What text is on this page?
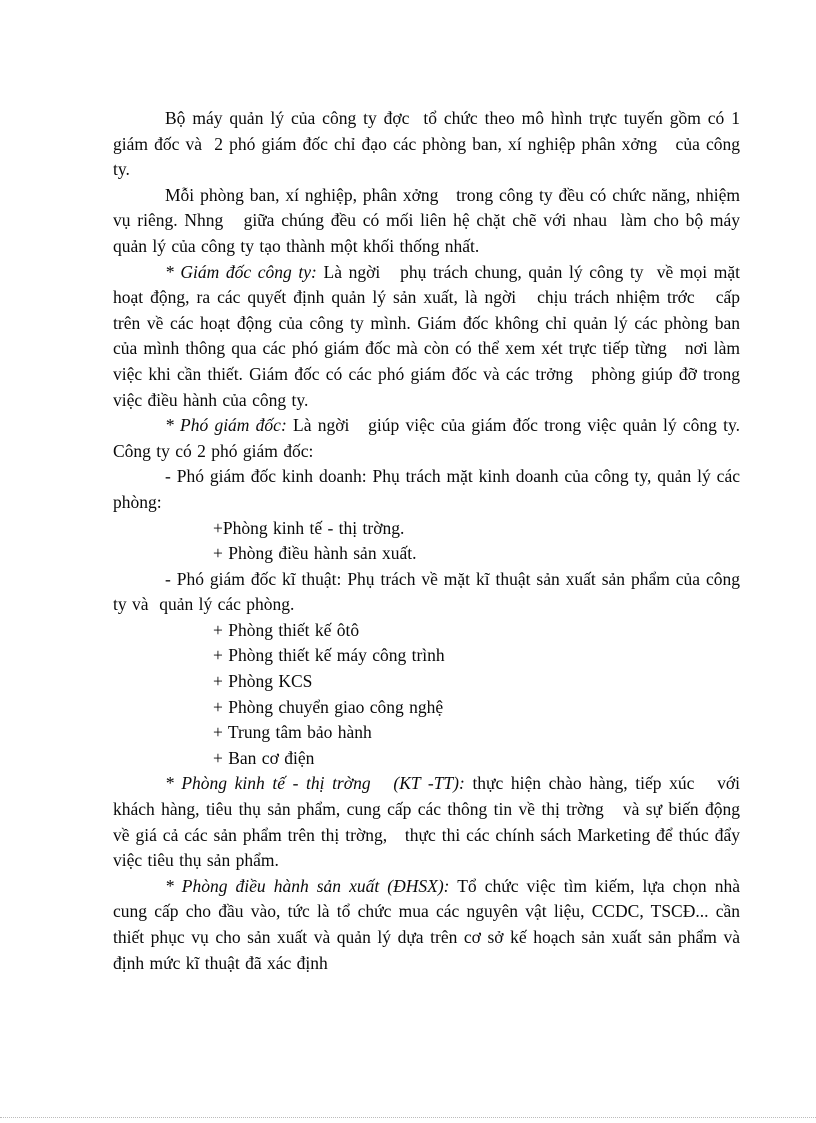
Bộ máy quản lý của công ty đợc  tổ chức theo mô hình trực tuyến gồm có 1 giám đốc và  2 phó giám đốc chỉ đạo các phòng ban, xí nghiệp phân xởng   của công ty.

Mỗi phòng ban, xí nghiệp, phân xởng   trong công ty đều có chức năng, nhiệm vụ riêng. Nhng   giữa chúng đều có mối liên hệ chặt chẽ với nhau  làm cho bộ máy quản lý của công ty tạo thành một khối thống nhất.

* Giám đốc công ty: Là ngời   phụ trách chung, quản lý công ty  về mọi mặt hoạt động, ra các quyết định quản lý sản xuất, là ngời   chịu trách nhiệm trớc   cấp trên về các hoạt động của công ty mình. Giám đốc không chỉ quản lý các phòng ban của mình thông qua các phó giám đốc mà còn có thể xem xét trực tiếp từng   nơi làm việc khi cần thiết. Giám đốc có các phó giám đốc và các trởng   phòng giúp đỡ trong việc điều hành của công ty.

* Phó giám đốc: Là ngời   giúp việc của giám đốc trong việc quản lý công ty. Công ty có 2 phó giám đốc:

- Phó giám đốc kinh doanh: Phụ trách mặt kinh doanh của công ty, quản lý các phòng:

+Phòng kinh tế - thị trờng.

+ Phòng điều hành sản xuất.

- Phó giám đốc kĩ thuật: Phụ trách về mặt kĩ thuật sản xuất sản phẩm của công ty và  quản lý các phòng.

+ Phòng thiết kế ôtô

+ Phòng thiết kế máy công trình

+ Phòng KCS

+ Phòng chuyển giao công nghệ

+ Trung tâm bảo hành

+ Ban cơ điện

* Phòng kinh tế - thị trờng   (KT -TT): thực hiện chào hàng, tiếp xúc   với khách hàng, tiêu thụ sản phẩm, cung cấp các thông tin về thị trờng   và sự biến động về giá cả các sản phẩm trên thị trờng,   thực thi các chính sách Marketing để thúc đẩy   việc tiêu thụ sản phẩm.

* Phòng điều hành sản xuất (ĐHSX): Tổ chức việc tìm kiếm, lựa chọn nhà cung cấp cho đầu vào, tức là tổ chức mua các nguyên vật liệu, CCDC, TSCĐ... cần thiết phục vụ cho sản xuất và quản lý dựa trên cơ sở kế hoạch sản xuất sản phẩm và  định mức kĩ thuật đã xác định
